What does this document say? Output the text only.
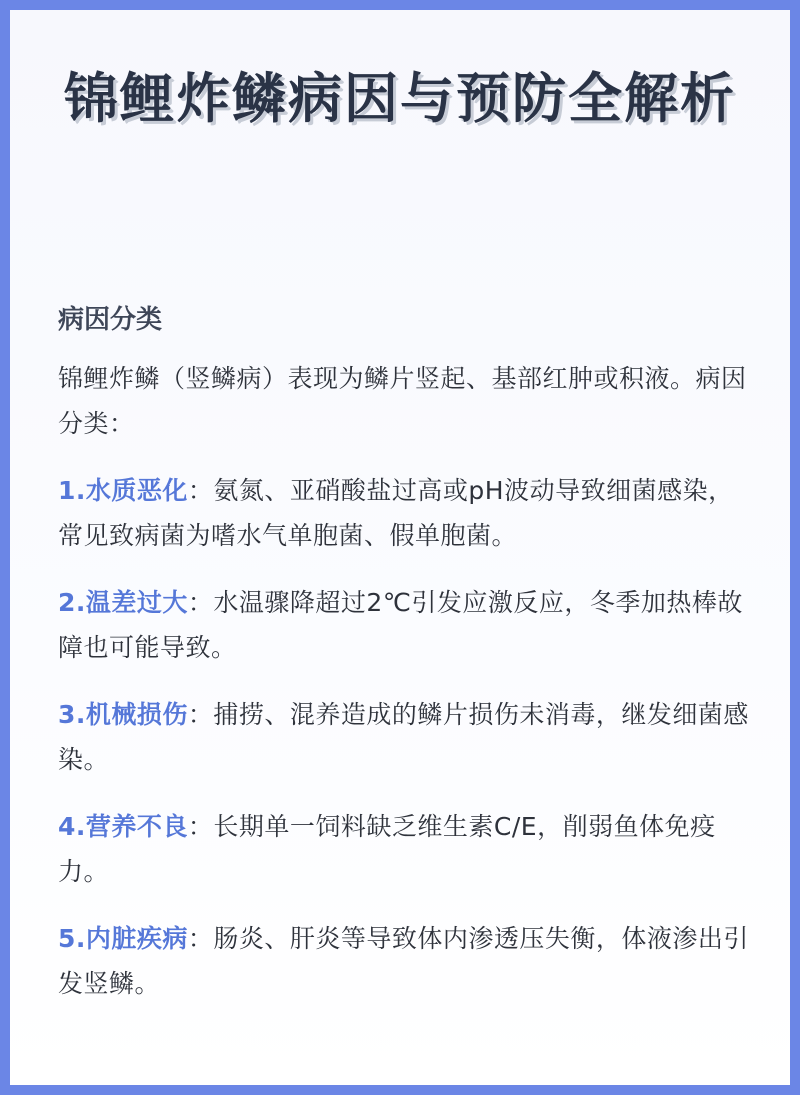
锦鲤炸鳞病因与预防全解析
病因分类

锦鲤炸鳞（竖鳞病）表现为鳞片竖起、基部红肿或积液。病因分类：

1.水质恶化：氨氮、亚硝酸盐过高或pH波动导致细菌感染，常见致病菌为嗜水气单胞菌、假单胞菌。

2.温差过大：水温骤降超过2℃引发应激反应，冬季加热棒故障也可能导致。

3.机械损伤：捕捞、混养造成的鳞片损伤未消毒，继发细菌感染。

4.营养不良：长期单一饲料缺乏维生素C/E，削弱鱼体免疫力。

5.内脏疾病：肠炎、肝炎等导致体内渗透压失衡，体液渗出引发竖鳞。
